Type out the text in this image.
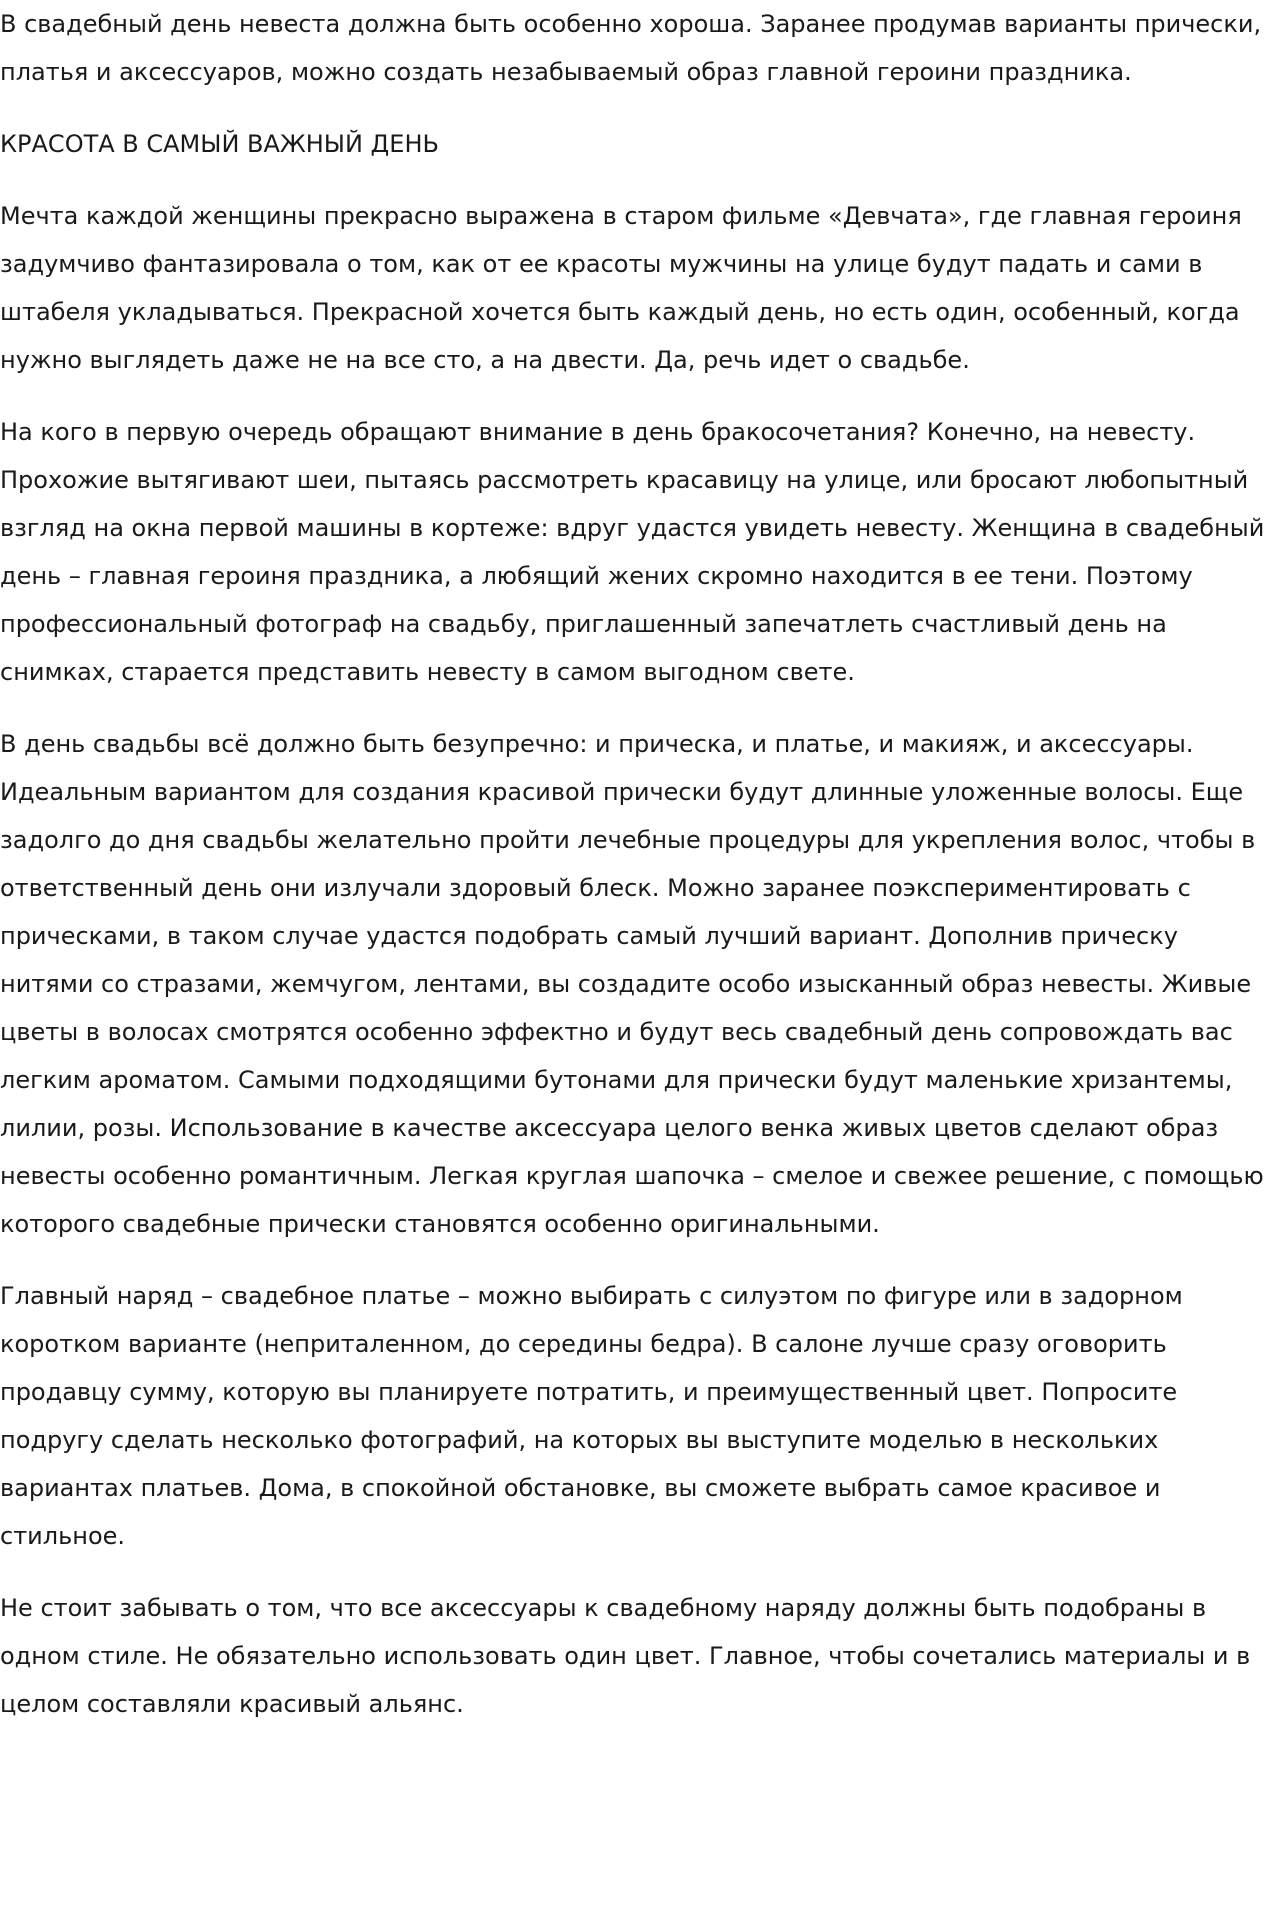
В свадебный день невеста должна быть особенно хороша. Заранее продумав варианты прически, платья и аксессуаров, можно создать незабываемый образ главной героини праздника.

КРАСОТА В САМЫЙ ВАЖНЫЙ ДЕНЬ

Мечта каждой женщины прекрасно выражена в старом фильме «Девчата», где главная героиня задумчиво фантазировала о том, как от ее красоты мужчины на улице будут падать и сами в штабеля укладываться. Прекрасной хочется быть каждый день, но есть один, особенный, когда нужно выглядеть даже не на все сто, а на двести. Да, речь идет о свадьбе.

На кого в первую очередь обращают внимание в день бракосочетания? Конечно, на невесту. Прохожие вытягивают шеи, пытаясь рассмотреть красавицу на улице, или бросают любопытный взгляд на окна первой машины в кортеже: вдруг удастся увидеть невесту. Женщина в свадебный день – главная героиня праздника, а любящий жених скромно находится в ее тени. Поэтому профессиональный фотограф на свадьбу, приглашенный запечатлеть счастливый день на снимках, старается представить невесту в самом выгодном свете.

В день свадьбы всё должно быть безупречно: и прическа, и платье, и макияж, и аксессуары. Идеальным вариантом для создания красивой прически будут длинные уложенные волосы. Еще задолго до дня свадьбы желательно пройти лечебные процедуры для укрепления волос, чтобы в ответственный день они излучали здоровый блеск. Можно заранее поэкспериментировать с прическами, в таком случае удастся подобрать самый лучший вариант. Дополнив прическу нитями со стразами, жемчугом, лентами, вы создадите особо изысканный образ невесты. Живые цветы в волосах смотрятся особенно эффектно и будут весь свадебный день сопровождать вас легким ароматом. Самыми подходящими бутонами для прически будут маленькие хризантемы, лилии, розы. Использование в качестве аксессуара целого венка живых цветов сделают образ невесты особенно романтичным. Легкая круглая шапочка – смелое и свежее решение, с помощью которого свадебные прически становятся особенно оригинальными.

Главный наряд – свадебное платье – можно выбирать с силуэтом по фигуре или в задорном коротком варианте (неприталенном, до середины бедра). В салоне лучше сразу оговорить продавцу сумму, которую вы планируете потратить, и преимущественный цвет. Попросите подругу сделать несколько фотографий, на которых вы выступите моделью в нескольких вариантах платьев. Дома, в спокойной обстановке, вы сможете выбрать самое красивое и стильное.

Не стоит забывать о том, что все аксессуары к свадебному наряду должны быть подобраны в одном стиле. Не обязательно использовать один цвет. Главное, чтобы сочетались материалы и в целом составляли красивый альянс.
